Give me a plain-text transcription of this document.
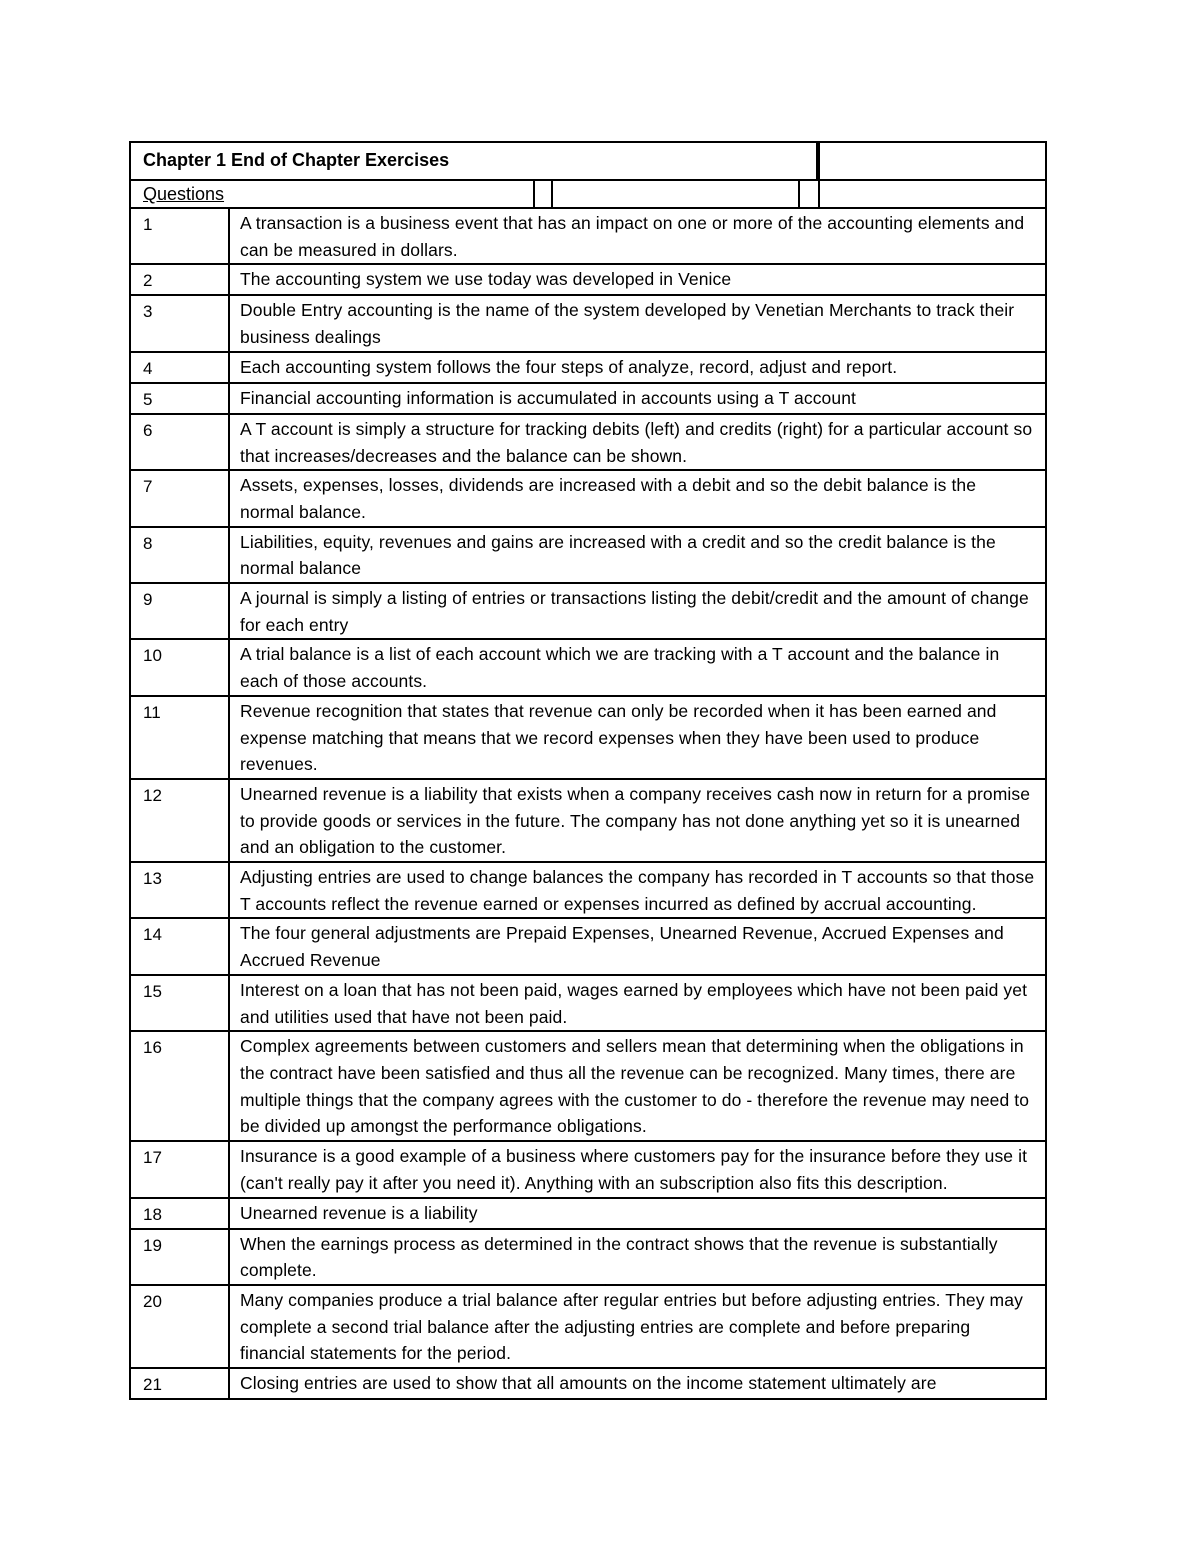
Chapter 1 End of Chapter Exercises
Questions
1	A transaction is a business event that has an impact on one or more of the accounting elements and can be measured in dollars.
2	The accounting system we use today was developed in Venice
3	Double Entry accounting is the name of the system developed by Venetian Merchants to track their business dealings
4	Each accounting system follows the four steps of analyze, record, adjust and report.
5	Financial accounting information is accumulated in accounts using a T account
6	A T account is simply a structure for tracking debits (left) and credits (right) for a particular account so that increases/decreases and the balance can be shown.
7	Assets, expenses, losses, dividends are increased with a debit and so the debit balance is the normal balance.
8	Liabilities, equity, revenues and gains are increased with a credit and so the credit balance is the normal balance
9	A journal is simply a listing of entries or transactions listing the debit/credit and the amount of change for each entry
10	A trial balance is a list of each account which we are tracking with a T account and the balance in each of those accounts.
11	Revenue recognition that states that revenue can only be recorded when it has been earned and expense matching that means that we record expenses when they have been used to produce revenues.
12	Unearned revenue is a liability that exists when a company receives cash now in return for a promise to provide goods or services in the future. The company has not done anything yet so it is unearned and an obligation to the customer.
13	Adjusting entries are used to change balances the company has recorded in T accounts so that those T accounts reflect the revenue earned or expenses incurred as defined by accrual accounting.
14	The four general adjustments are Prepaid Expenses, Unearned Revenue, Accrued Expenses and Accrued Revenue
15	Interest on a loan that has not been paid, wages earned by employees which have not been paid yet and utilities used that have not been paid.
16	Complex agreements between customers and sellers mean that determining when the obligations in the contract have been satisfied and thus all the revenue can be recognized. Many times, there are multiple things that the company agrees with the customer to do - therefore the revenue may need to be divided up amongst the performance obligations.
17	Insurance is a good example of a business where customers pay for the insurance before they use it (can't really pay it after you need it). Anything with an subscription also fits this description.
18	Unearned revenue is a liability
19	When the earnings process as determined in the contract shows that the revenue is substantially complete.
20	Many companies produce a trial balance after regular entries but before adjusting entries. They may complete a second trial balance after the adjusting entries are complete and before preparing financial statements for the period.
21	Closing entries are used to show that all amounts on the income statement ultimately are
